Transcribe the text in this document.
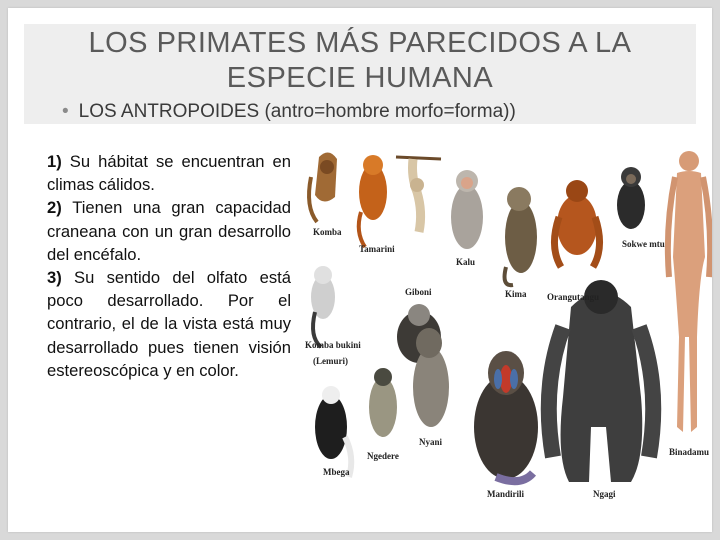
LOS PRIMATES MÁS PARECIDOS A LA ESPECIE HUMANA
• LOS ANTROPOIDES (antro=hombre morfo=forma))

1) Su hábitat se encuentran en climas cálidos.

2) Tienen una gran capacidad craneana con un gran desarrollo del encéfalo.

3) Su sentido del olfato está poco desarrollado. Por el contrario, el de la vista está muy desarrollado pues tienen visión estereoscópica y en color.

Komba
Tamarini
Kalu
Sokwe mtu
Giboni	Kima Orangutangu
Komba bukini
(Lemuri)
Mbega
Ngedere
Nyani
Mandirili	Ngagi
Binadamu
